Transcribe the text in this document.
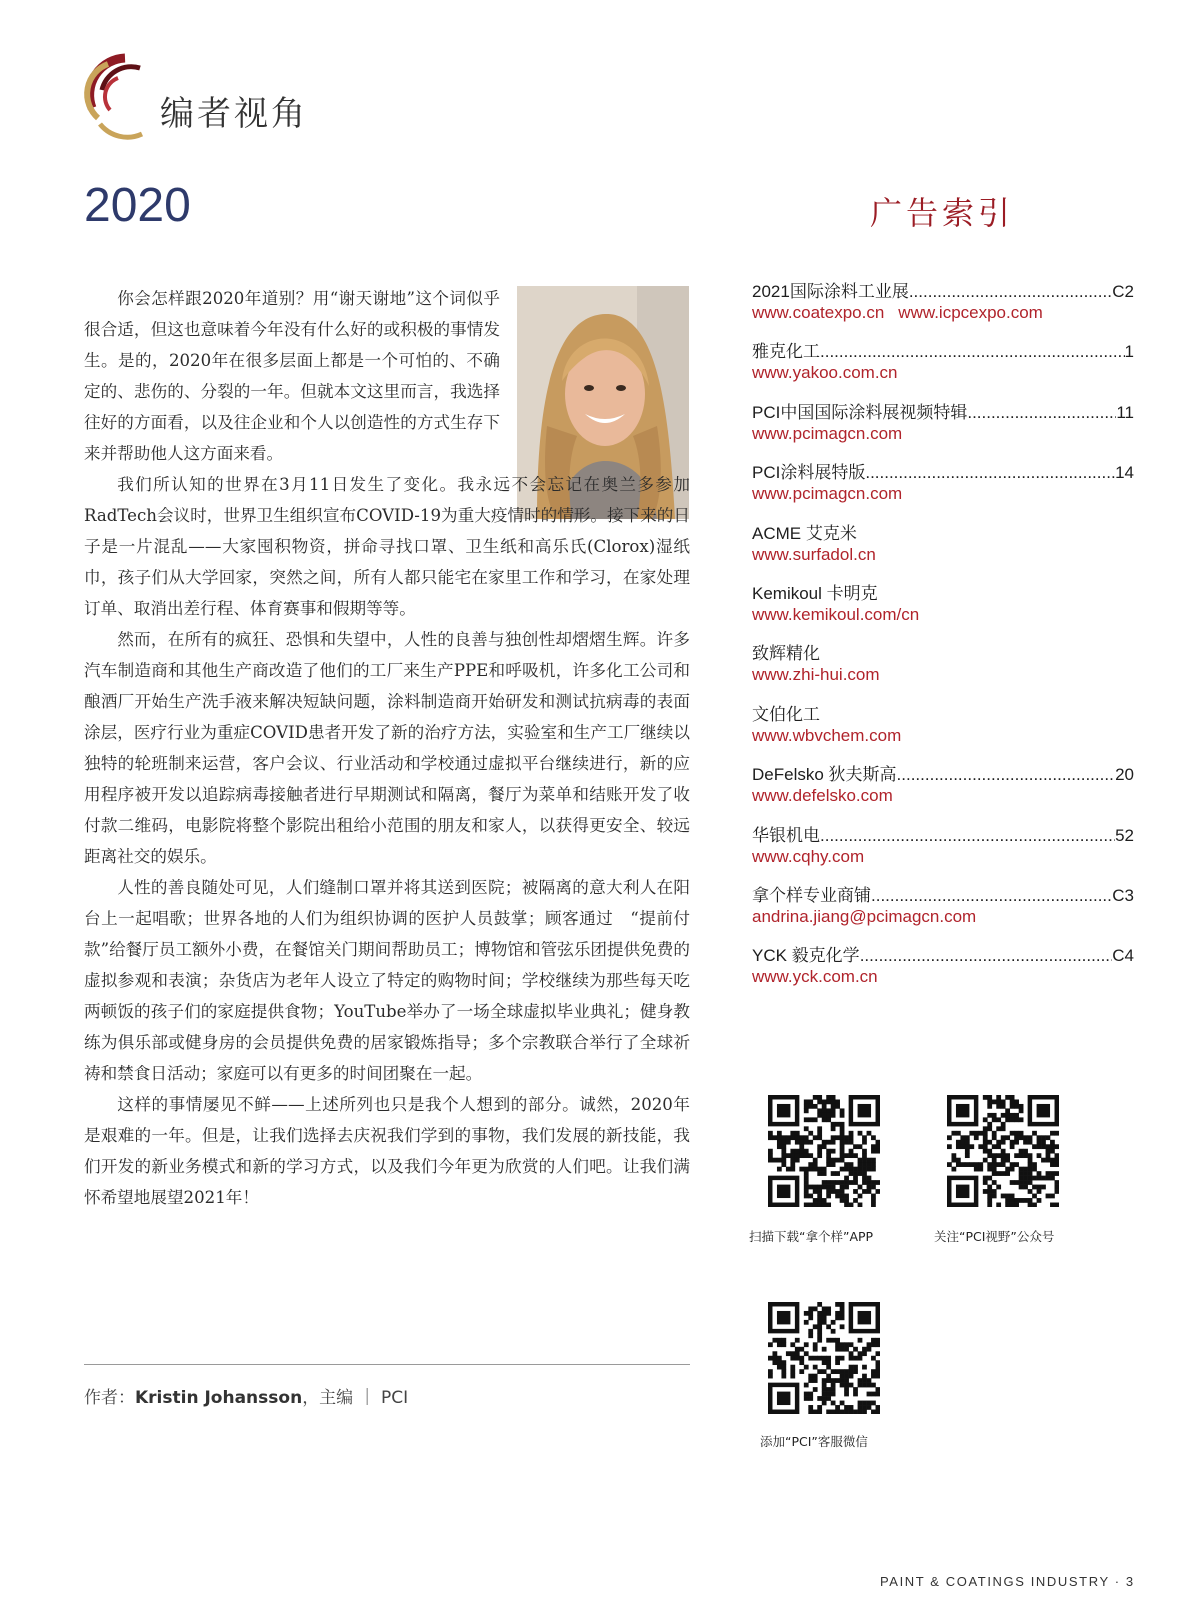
编者视角
2020

你会怎样跟2020年道别？用“谢天谢地”这个词似乎很合适，但这也意味着今年没有什么好的或积极的事情发生。是的，2020年在很多层面上都是一个可怕的、不确定的、悲伤的、分裂的一年。但就本文这里而言，我选择往好的方面看，以及往企业和个人以创造性的方式生存下来并帮助他人这方面来看。

我们所认知的世界在3月11日发生了变化。我永远不会忘记在奥兰多参加RadTech会议时，世界卫生组织宣布COVID-19为重大疫情时的情形。接下来的日子是一片混乱——大家囤积物资，拼命寻找口罩、卫生纸和高乐氏(Clorox)湿纸巾，孩子们从大学回家，突然之间，所有人都只能宅在家里工作和学习，在家处理订单、取消出差行程、体育赛事和假期等等。

然而，在所有的疯狂、恐惧和失望中，人性的良善与独创性却熠熠生辉。许多汽车制造商和其他生产商改造了他们的工厂来生产PPE和呼吸机，许多化工公司和酿酒厂开始生产洗手液来解决短缺问题，涂料制造商开始研发和测试抗病毒的表面涂层，医疗行业为重症COVID患者开发了新的治疗方法，实验室和生产工厂继续以独特的轮班制来运营，客户会议、行业活动和学校通过虚拟平台继续进行，新的应用程序被开发以追踪病毒接触者进行早期测试和隔离，餐厅为菜单和结账开发了收付款二维码，电影院将整个影院出租给小范围的朋友和家人，以获得更安全、较远距离社交的娱乐。

人性的善良随处可见，人们缝制口罩并将其送到医院；被隔离的意大利人在阳台上一起唱歌；世界各地的人们为组织协调的医护人员鼓掌；顾客通过　“提前付款”给餐厅员工额外小费，在餐馆关门期间帮助员工；博物馆和管弦乐团提供免费的虚拟参观和表演；杂货店为老年人设立了特定的购物时间；学校继续为那些每天吃两顿饭的孩子们的家庭提供食物；YouTube举办了一场全球虚拟毕业典礼；健身教练为俱乐部或健身房的会员提供免费的居家锻炼指导；多个宗教联合举行了全球祈祷和禁食日活动；家庭可以有更多的时间团聚在一起。

这样的事情屡见不鲜——上述所列也只是我个人想到的部分。诚然，2020年是艰难的一年。但是，让我们选择去庆祝我们学到的事物，我们发展的新技能，我们开发的新业务模式和新的学习方式，以及我们今年更为欣赏的人们吧。让我们满怀希望地展望2021年！

作者：Kristin Johansson，主编 ｜ PCI
广告索引
2021国际涂料工业展 .....	C2
www.coatexpo.cn www.icpcexpo.com
雅克化工 .....	1
www.yakoo.com.cn
PCI中国国际涂料展视频特辑 .....	11
www.pcimagcn.com
PCI涂料展特版 .....	14
www.pcimagcn.com
ACME 艾克米
www.surfadol.cn
Kemikoul 卡明克
www.kemikoul.com/cn
致辉精化
www.zhi-hui.com
文伯化工
www.wbvchem.com
DeFelsko 狄夫斯高 .....	20
www.defelsko.com
华银机电 .....	52
www.cqhy.com
拿个样专业商铺 .....	C3
andrina.jiang@pcimagcn.com
YCK 毅克化学 .....	C4
www.yck.com.cn
扫描下载“拿个样”APP	关注“PCI视野”公众号
添加“PCI”客服微信
PAINT & COATINGS INDUSTRY · 3
